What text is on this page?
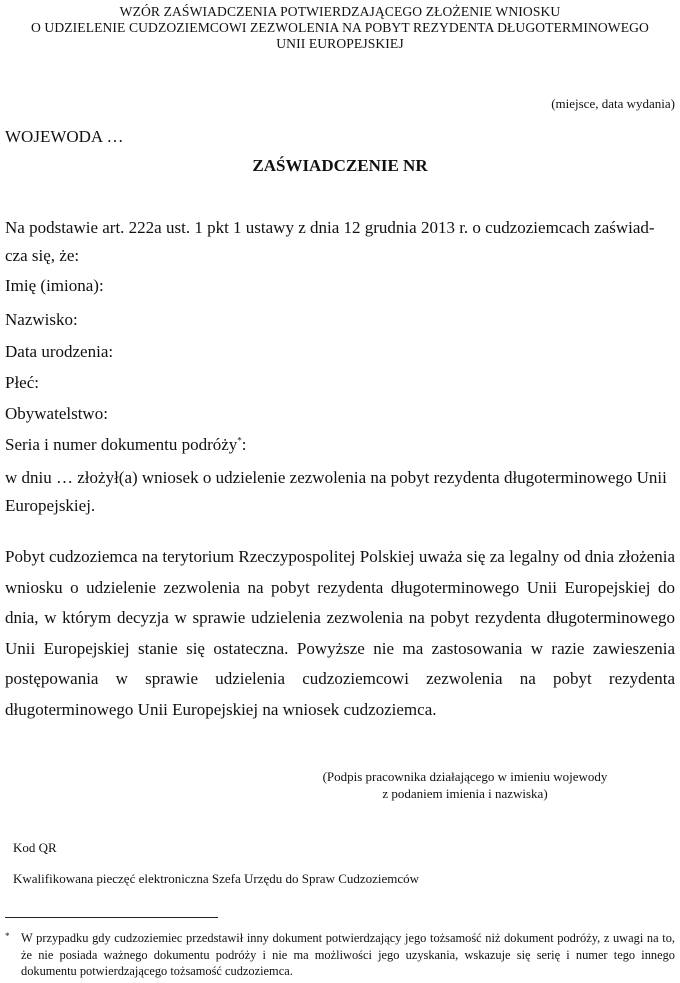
WZÓR ZAŚWIADCZENIA POTWIERDZAJĄCEGO ZŁOŻENIE WNIOSKU
O UDZIELENIE CUDZOZIEMCOWI ZEZWOLENIA NA POBYT REZYDENTA DŁUGOTERMINOWEGO
UNII EUROPEJSKIEJ
(miejsce, data wydania)
WOJEWODA …
ZAŚWIADCZENIE NR
Na podstawie art. 222a ust. 1 pkt 1 ustawy z dnia 12 grudnia 2013 r. o cudzoziemcach zaświad-cza się, że:
Imię (imiona):
Nazwisko:
Data urodzenia:
Płeć:
Obywatelstwo:
Seria i numer dokumentu podróży*:
w dniu … złożył(a) wniosek o udzielenie zezwolenia na pobyt rezydenta długoterminowego Unii Europejskiej.
Pobyt cudzoziemca na terytorium Rzeczypospolitej Polskiej uważa się za legalny od dnia złożenia wniosku o udzielenie zezwolenia na pobyt rezydenta długoterminowego Unii Europejskiej do dnia, w którym decyzja w sprawie udzielenia zezwolenia na pobyt rezydenta długoterminowego Unii Europejskiej stanie się ostateczna. Powyższe nie ma zastosowania w razie zawieszenia postępowania w sprawie udzielenia cudzoziemcowi zezwolenia na pobyt rezydenta długoterminowego Unii Europejskiej na wniosek cudzoziemca.
(Podpis pracownika działającego w imieniu wojewody
z podaniem imienia i nazwiska)
Kod QR
Kwalifikowana pieczęć elektroniczna Szefa Urzędu do Spraw Cudzoziemców
* W przypadku gdy cudzoziemiec przedstawił inny dokument potwierdzający jego tożsamość niż dokument podróży, z uwagi na to, że nie posiada ważnego dokumentu podróży i nie ma możliwości jego uzyskania, wskazuje się serię i numer tego innego dokumentu potwierdzającego tożsamość cudzoziemca.
